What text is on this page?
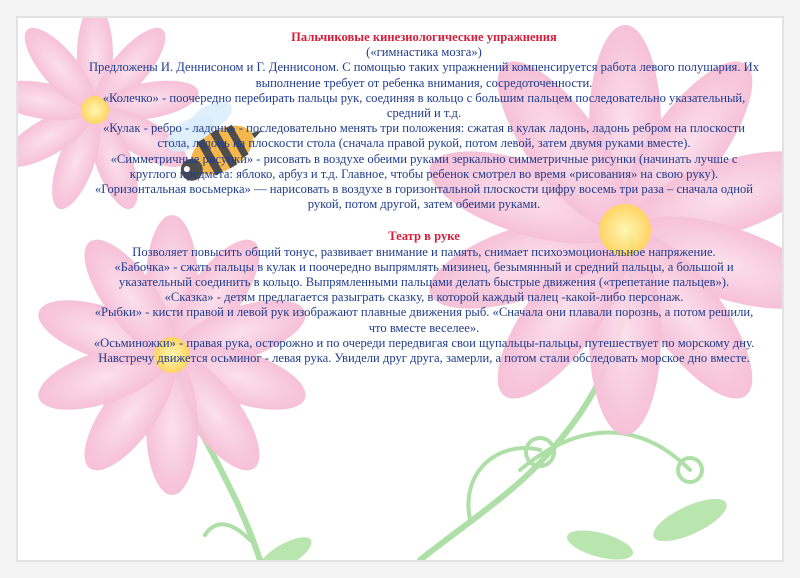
Пальчиковые кинезиологические упражнения

(«гимнастика мозга»)

Предложены И. Деннисоном и Г. Деннисоном. С помощью таких упражнений компенсируется работа левого полушария. Их выполнение требует от ребенка внимания, сосредоточенности.

«Колечко» - поочередно перебирать пальцы рук, соединяя в кольцо с большим пальцем последовательно указательный, средний и т.д.

«Кулак - ребро - ладонь» - последовательно менять три положения: сжатая в кулак ладонь, ладонь ребром на плоскости стола, ладонь на плоскости стола (сначала правой рукой, потом левой, затем двумя руками вместе).

«Симметричные рисунки» - рисовать в воздухе обеими руками зеркально симметричные рисунки (начинать лучше с круглого предмета: яблоко, арбуз и т.д. Главное, чтобы ребенок смотрел во время «рисования» на свою руку).

«Горизонтальная восьмерка» — нарисовать в воздухе в горизонтальной плоскости цифру восемь три раза – сначала одной рукой, потом другой, затем обеими руками.

Театр в руке

Позволяет повысить общий тонус, развивает внимание и память, снимает психоэмоциональное напряжение.

«Бабочка» - сжать пальцы в кулак и поочередно выпрямлять мизинец, безымянный и средний пальцы, а большой и указательный соединить в кольцо. Выпрямленными пальцами делать быстрые движения («трепетание пальцев»).

«Сказка» - детям предлагается разыграть сказку, в которой каждый палец -какой-либо персонаж.

«Рыбки» - кисти правой и левой рук изображают плавные движения рыб. «Сначала они плавали порознь, а потом решили, что вместе веселее».

«Осьминожки» - правая рука, осторожно и по очереди передвигая свои щупальцы-пальцы, путешествует по морскому дну. Навстречу движется осьминог - левая рука. Увидели друг друга, замерли, а потом стали обследовать морское дно вместе.
